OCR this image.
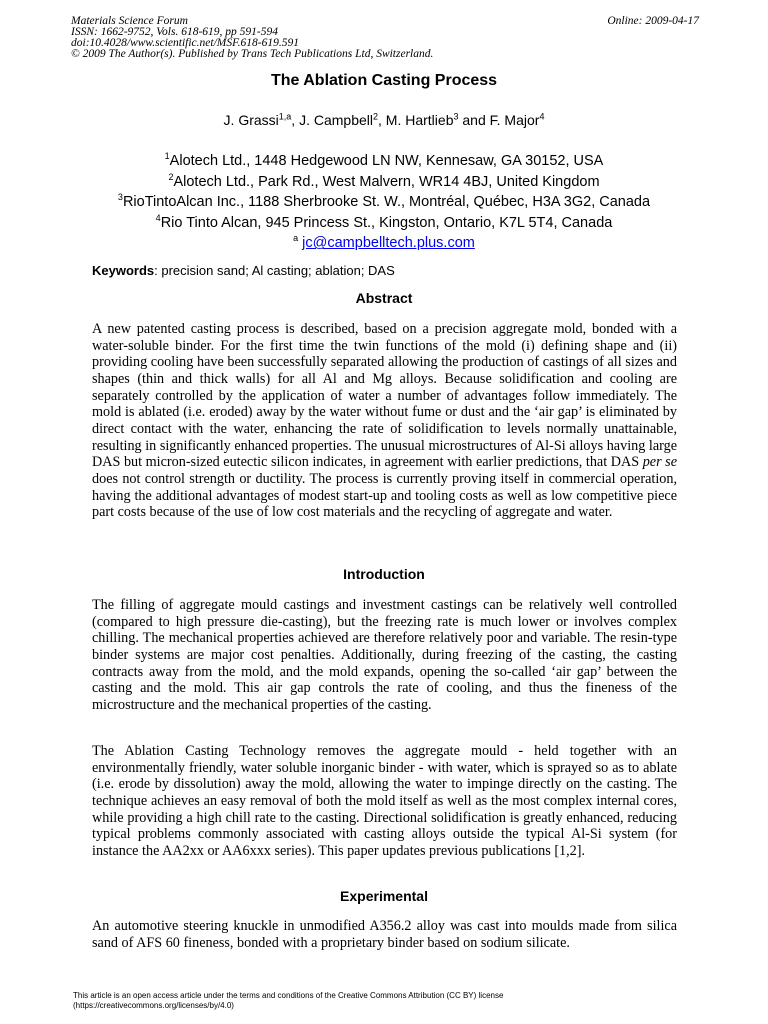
Materials Science Forum
ISSN: 1662-9752, Vols. 618-619, pp 591-594
doi:10.4028/www.scientific.net/MSF.618-619.591
© 2009 The Author(s). Published by Trans Tech Publications Ltd, Switzerland.
Online: 2009-04-17
The Ablation Casting Process
J. Grassi$^{1,a}$, J. Campbell$^2$, M. Hartlieb$^3$ and F. Major$^4$
$^1$Alotech Ltd., 1448 Hedgewood LN NW, Kennesaw, GA 30152, USA
$^2$Alotech Ltd., Park Rd., West Malvern, WR14 4BJ, United Kingdom
$^3$RioTintoAlcan Inc., 1188 Sherbrooke St. W., Montréal, Québec, H3A 3G2, Canada
$^4$Rio Tinto Alcan, 945 Princess St., Kingston, Ontario, K7L 5T4, Canada
$^a$ jc@campbelltech.plus.com
Keywords: precision sand; Al casting; ablation; DAS
Abstract
A new patented casting process is described, based on a precision aggregate mold, bonded with a water-soluble binder. For the first time the twin functions of the mold (i) defining shape and (ii) providing cooling have been successfully separated allowing the production of castings of all sizes and shapes (thin and thick walls) for all Al and Mg alloys. Because solidification and cooling are separately controlled by the application of water a number of advantages follow immediately. The mold is ablated (i.e. eroded) away by the water without fume or dust and the ‘air gap’ is eliminated by direct contact with the water, enhancing the rate of solidification to levels normally unattainable, resulting in significantly enhanced properties. The unusual microstructures of Al-Si alloys having large DAS but micron-sized eutectic silicon indicates, in agreement with earlier predictions, that DAS per se does not control strength or ductility. The process is currently proving itself in commercial operation, having the additional advantages of modest start-up and tooling costs as well as low competitive piece part costs because of the use of low cost materials and the recycling of aggregate and water.
Introduction
The filling of aggregate mould castings and investment castings can be relatively well controlled (compared to high pressure die-casting), but the freezing rate is much lower or involves complex chilling. The mechanical properties achieved are therefore relatively poor and variable. The resin-type binder systems are major cost penalties. Additionally, during freezing of the casting, the casting contracts away from the mold, and the mold expands, opening the so-called ‘air gap’ between the casting and the mold. This air gap controls the rate of cooling, and thus the fineness of the microstructure and the mechanical properties of the casting.
The Ablation Casting Technology removes the aggregate mould - held together with an environmentally friendly, water soluble inorganic binder - with water, which is sprayed so as to ablate (i.e. erode by dissolution) away the mold, allowing the water to impinge directly on the casting. The technique achieves an easy removal of both the mold itself as well as the most complex internal cores, while providing a high chill rate to the casting. Directional solidification is greatly enhanced, reducing typical problems commonly associated with casting alloys outside the typical Al-Si system (for instance the AA2xx or AA6xxx series). This paper updates previous publications [1,2].
Experimental
An automotive steering knuckle in unmodified A356.2 alloy was cast into moulds made from silica sand of AFS 60 fineness, bonded with a proprietary binder based on sodium silicate.
This article is an open access article under the terms and conditions of the Creative Commons Attribution (CC BY) license
(https://creativecommons.org/licenses/by/4.0)
